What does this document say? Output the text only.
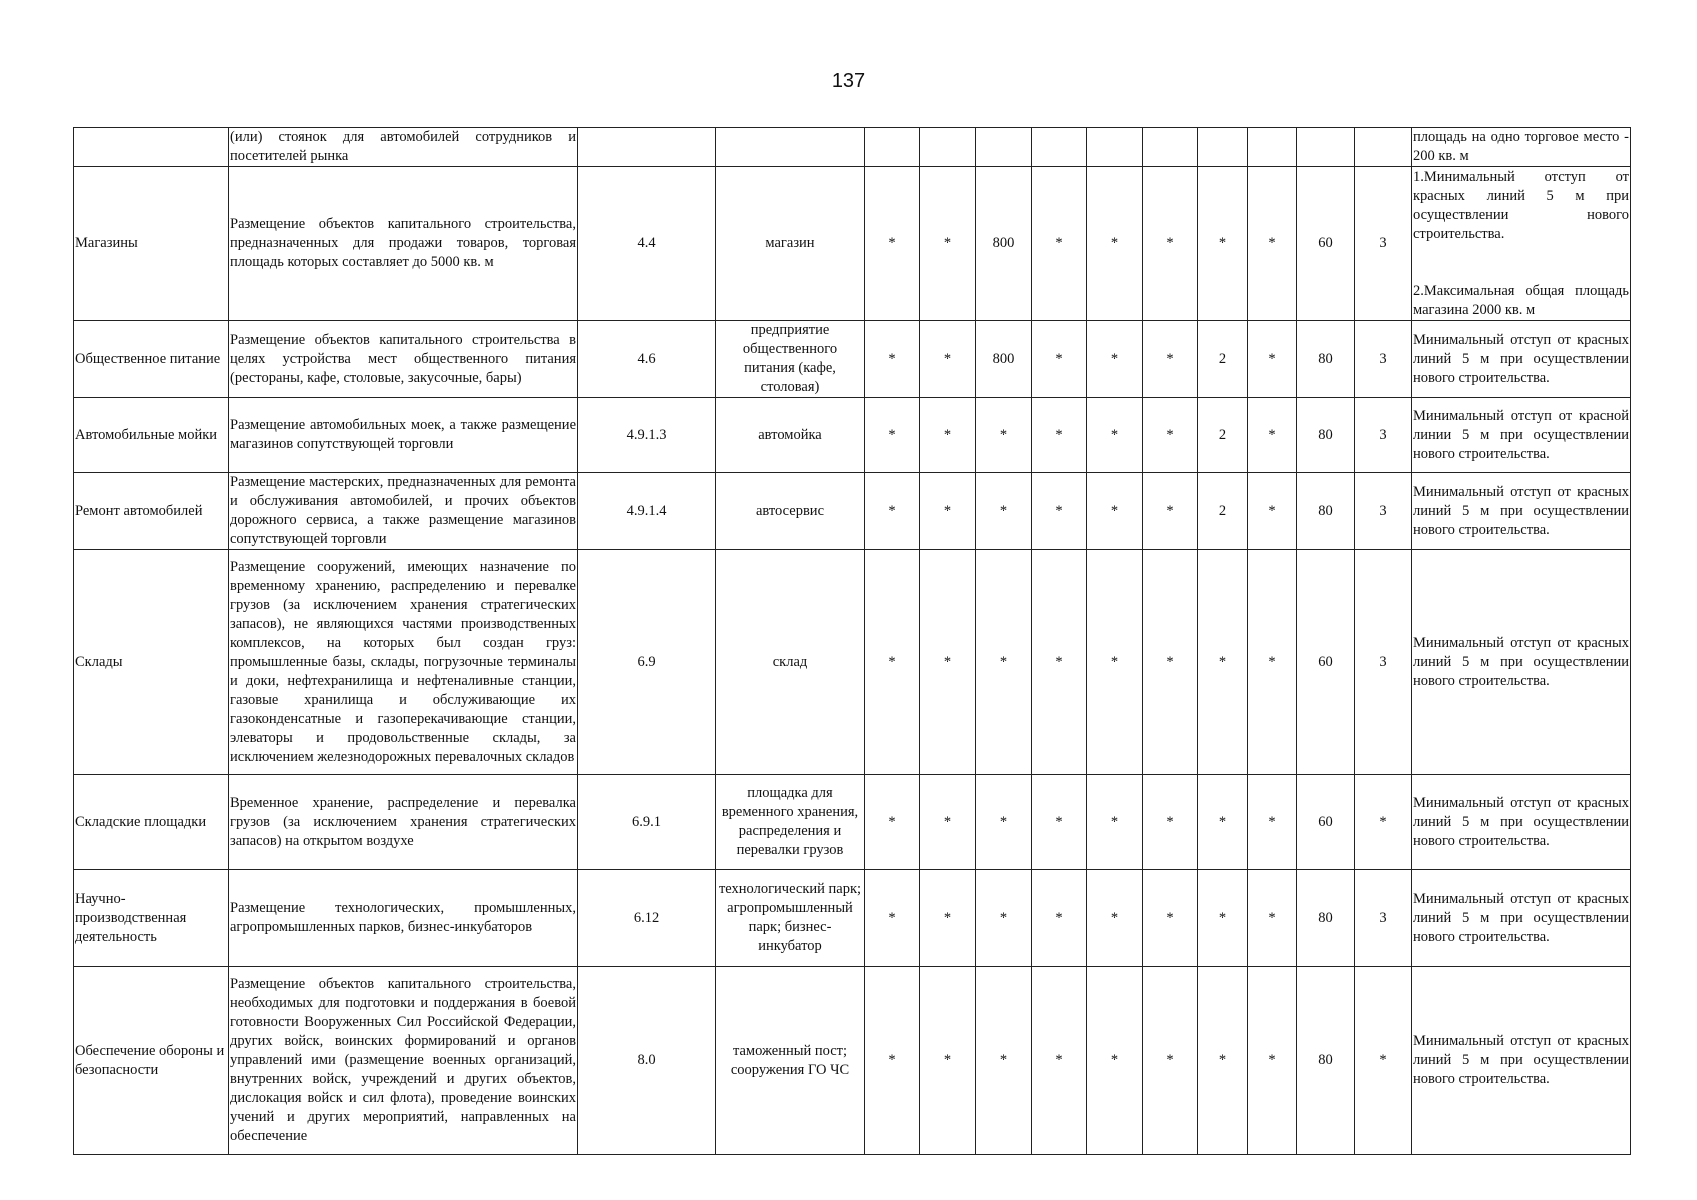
137
	(или) стоянок для автомобилей сотрудников и посетителей рынка													площадь на одно торговое место - 200 кв. м
Магазины	Размещение объектов капитального строительства, предназначенных для продажи товаров, торговая площадь которых составляет до 5000 кв. м	4.4	магазин	*	*	800	*	*	*	*	*	60	3	1.Минимальный отступ от красных линий 5 м при осуществлении нового строительства.
2.Максимальная общая площадь магазина 2000 кв. м

Общественное питание	Размещение объектов капитального строительства в целях устройства мест общественного питания (рестораны, кафе, столовые, закусочные, бары)	4.6	предприятие общественного питания (кафе, столовая)	*	*	800	*	*	*	2	*	80	3	Минимальный отступ от красных линий 5 м при осуществлении нового строительства.
Автомобильные мойки	Размещение автомобильных моек, а также размещение магазинов сопутствующей торговли	4.9.1.3	автомойка	*	*	*	*	*	*	2	*	80	3	Минимальный отступ от красной линии 5 м при осуществлении нового строительства.
Ремонт автомобилей	Размещение мастерских, предназначенных для ремонта и обслуживания автомобилей, и прочих объектов дорожного сервиса, а также размещение магазинов сопутствующей торговли	4.9.1.4	автосервис	*	*	*	*	*	*	2	*	80	3	Минимальный отступ от красных линий 5 м при осуществлении нового строительства.
Склады	Размещение сооружений, имеющих назначение по временному хранению, распределению и перевалке грузов (за исключением хранения стратегических запасов), не являющихся частями производственных комплексов, на которых был создан груз: промышленные базы, склады, погрузочные терминалы и доки, нефтехранилища и нефтеналивные станции, газовые хранилища и обслуживающие их газоконденсатные и газоперекачивающие станции, элеваторы и продовольственные склады, за исключением железнодорожных перевалочных складов	6.9	склад	*	*	*	*	*	*	*	*	60	3	Минимальный отступ от красных линий 5 м при осуществлении нового строительства.
Складские площадки	Временное хранение, распределение и перевалка грузов (за исключением хранения стратегических запасов) на открытом воздухе	6.9.1	площадка для временного хранения, распределения и перевалки грузов	*	*	*	*	*	*	*	*	60	*	Минимальный отступ от красных линий 5 м при осуществлении нового строительства.
Научно-производственная деятельность	Размещение технологических, промышленных, агропромышленных парков, бизнес-инкубаторов	6.12	технологический парк; агропромышленный парк; бизнес-инкубатор	*	*	*	*	*	*	*	*	80	3	Минимальный отступ от красных линий 5 м при осуществлении нового строительства.
Обеспечение обороны и безопасности	Размещение объектов капитального строительства, необходимых для подготовки и поддержания в боевой готовности Вооруженных Сил Российской Федерации, других войск, воинских формирований и органов управлений ими (размещение военных организаций, внутренних войск, учреждений и других объектов, дислокация войск и сил флота), проведение воинских учений и других мероприятий, направленных на обеспечение	8.0	таможенный пост; сооружения ГО ЧС	*	*	*	*	*	*	*	*	80	*	Минимальный отступ от красных линий 5 м при осуществлении нового строительства.
